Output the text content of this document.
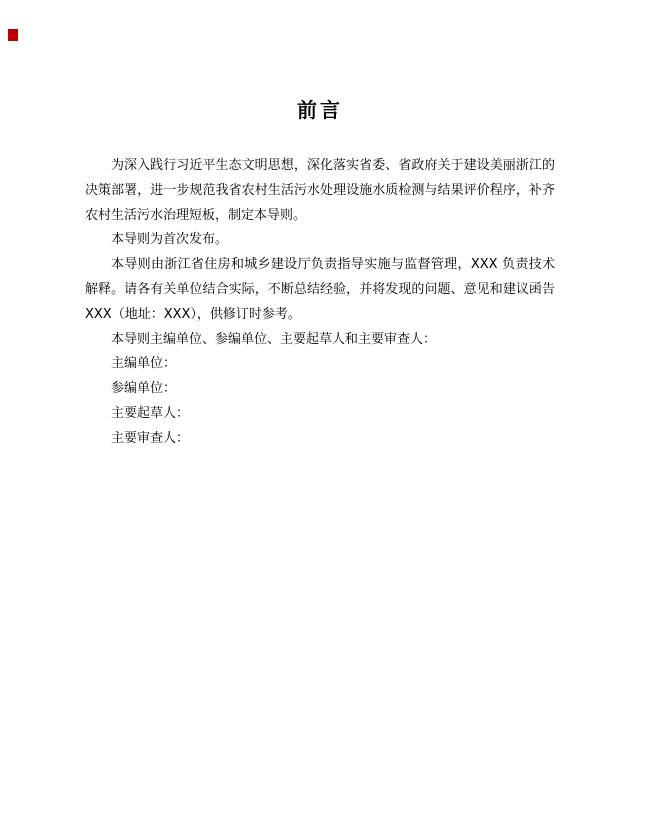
前言

为深入践行习近平生态文明思想，深化落实省委、省政府关于建设美丽浙江的决策部署，进一步规范我省农村生活污水处理设施水质检测与结果评价程序，补齐农村生活污水治理短板，制定本导则。

本导则为首次发布。

本导则由浙江省住房和城乡建设厅负责指导实施与监督管理，XXX 负责技术解释。请各有关单位结合实际，不断总结经验，并将发现的问题、意见和建议函告XXX（地址：XXX），供修订时参考。

本导则主编单位、参编单位、主要起草人和主要审查人：

主编单位：

参编单位：

主要起草人：

主要审查人：
